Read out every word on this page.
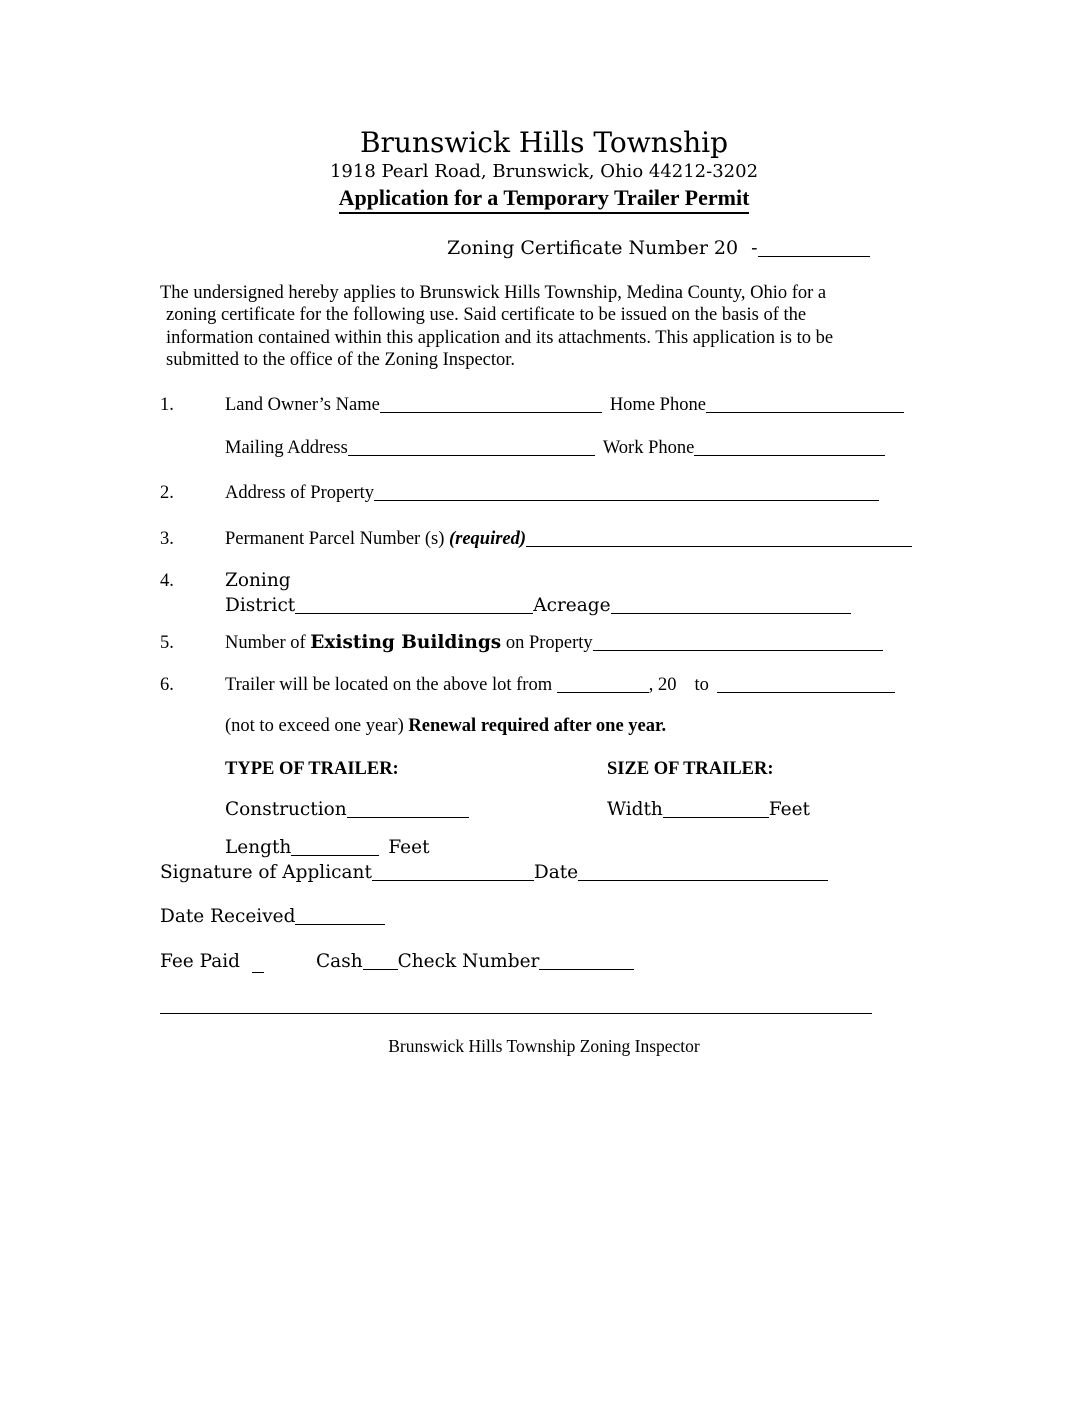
Brunswick Hills Township
1918 Pearl Road, Brunswick, Ohio 44212-3202
Application for a Temporary Trailer Permit
Zoning Certificate Number 20 -
The undersigned hereby applies to Brunswick Hills Township, Medina County, Ohio for a
zoning certificate for the following use. Said certificate to be issued on the basis of the
information contained within this application and its attachments. This application is to be
submitted to the office of the Zoning Inspector.
1.	Land Owner’s Name	Home Phone
Mailing Address	Work Phone
2.	Address of Property
3.	Permanent Parcel Number (s) (required)
4.	Zoning
District	Acreage
5.	Number of Existing Buildings on Property
6.	Trailer will be located on the above lot from	, 20 to
(not to exceed one year) Renewal required after one year.
TYPE OF TRAILER:	SIZE OF TRAILER:
Construction	Width	Feet
Length	Feet
Signature of Applicant	Date
Date Received
Fee Paid	Cash Check Number
Brunswick Hills Township Zoning Inspector
